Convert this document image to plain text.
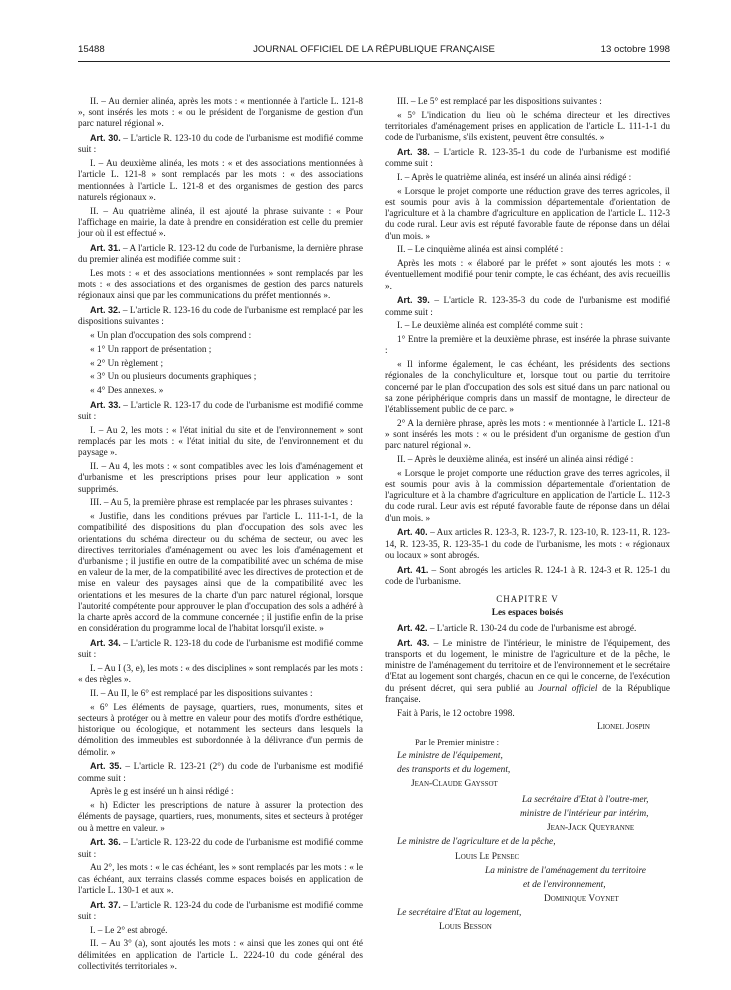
15488	JOURNAL OFFICIEL DE LA RÉPUBLIQUE FRANÇAISE	13 octobre 1998

II. – Au dernier alinéa, après les mots : « mentionnée à l'article L. 121-8 », sont insérés les mots : « ou le président de l'organisme de gestion d'un parc naturel régional ».

Art. 30. – L'article R. 123-10 du code de l'urbanisme est modifié comme suit :

I. – Au deuxième alinéa, les mots : « et des associations mentionnées à l'article L. 121-8 » sont remplacés par les mots : « des associations mentionnées à l'article L. 121-8 et des organismes de gestion des parcs naturels régionaux ».

II. – Au quatrième alinéa, il est ajouté la phrase suivante : « Pour l'affichage en mairie, la date à prendre en considération est celle du premier jour où il est effectué ».

Art. 31. – A l'article R. 123-12 du code de l'urbanisme, la dernière phrase du premier alinéa est modifiée comme suit :

Les mots : « et des associations mentionnées » sont remplacés par les mots : « des associations et des organismes de gestion des parcs naturels régionaux ainsi que par les communications du préfet mentionnés ».

Art. 32. – L'article R. 123-16 du code de l'urbanisme est remplacé par les dispositions suivantes :

« Un plan d'occupation des sols comprend :

« 1° Un rapport de présentation ;

« 2° Un règlement ;

« 3° Un ou plusieurs documents graphiques ;

« 4° Des annexes. »

Art. 33. – L'article R. 123-17 du code de l'urbanisme est modifié comme suit :

I. – Au 2, les mots : « l'état initial du site et de l'environnement » sont remplacés par les mots : « l'état initial du site, de l'environnement et du paysage ».

II. – Au 4, les mots : « sont compatibles avec les lois d'aménagement et d'urbanisme et les prescriptions prises pour leur application » sont supprimés.

III. – Au 5, la première phrase est remplacée par les phrases suivantes :

« Justifie, dans les conditions prévues par l'article L. 111-1-1, de la compatibilité des dispositions du plan d'occupation des sols avec les orientations du schéma directeur ou du schéma de secteur, ou avec les directives territoriales d'aménagement ou avec les lois d'aménagement et d'urbanisme ; il justifie en outre de la compatibilité avec un schéma de mise en valeur de la mer, de la compatibilité avec les directives de protection et de mise en valeur des paysages ainsi que de la compatibilité avec les orientations et les mesures de la charte d'un parc naturel régional, lorsque l'autorité compétente pour approuver le plan d'occupation des sols a adhéré à la charte après accord de la commune concernée ; il justifie enfin de la prise en considération du programme local de l'habitat lorsqu'il existe. »

Art. 34. – L'article R. 123-18 du code de l'urbanisme est modifié comme suit :

I. – Au I (3, e), les mots : « des disciplines » sont remplacés par les mots : « des règles ».

II. – Au II, le 6° est remplacé par les dispositions suivantes :

« 6° Les éléments de paysage, quartiers, rues, monuments, sites et secteurs à protéger ou à mettre en valeur pour des motifs d'ordre esthétique, historique ou écologique, et notamment les secteurs dans lesquels la démolition des immeubles est subordonnée à la délivrance d'un permis de démolir. »

Art. 35. – L'article R. 123-21 (2°) du code de l'urbanisme est modifié comme suit :

Après le g est inséré un h ainsi rédigé :

« h) Edicter les prescriptions de nature à assurer la protection des éléments de paysage, quartiers, rues, monuments, sites et secteurs à protéger ou à mettre en valeur. »

Art. 36. – L'article R. 123-22 du code de l'urbanisme est modifié comme suit :

Au 2°, les mots : « le cas échéant, les » sont remplacés par les mots : « le cas échéant, aux terrains classés comme espaces boisés en application de l'article L. 130-1 et aux ».

Art. 37. – L'article R. 123-24 du code de l'urbanisme est modifié comme suit :

I. – Le 2° est abrogé.

II. – Au 3° (a), sont ajoutés les mots : « ainsi que les zones qui ont été délimitées en application de l'article L. 2224-10 du code général des collectivités territoriales ».

III. – Le 5° est remplacé par les dispositions suivantes :

« 5° L'indication du lieu où le schéma directeur et les directives territoriales d'aménagement prises en application de l'article L. 111-1-1 du code de l'urbanisme, s'ils existent, peuvent être consultés. »

Art. 38. – L'article R. 123-35-1 du code de l'urbanisme est modifié comme suit :

I. – Après le quatrième alinéa, est inséré un alinéa ainsi rédigé :

« Lorsque le projet comporte une réduction grave des terres agricoles, il est soumis pour avis à la commission départementale d'orientation de l'agriculture et à la chambre d'agriculture en application de l'article L. 112-3 du code rural. Leur avis est réputé favorable faute de réponse dans un délai d'un mois. »

II. – Le cinquième alinéa est ainsi complété :

Après les mots : « élaboré par le préfet » sont ajoutés les mots : « éventuellement modifié pour tenir compte, le cas échéant, des avis recueillis ».

Art. 39. – L'article R. 123-35-3 du code de l'urbanisme est modifié comme suit :

I. – Le deuxième alinéa est complété comme suit :

1° Entre la première et la deuxième phrase, est insérée la phrase suivante :

« Il informe également, le cas échéant, les présidents des sections régionales de la conchyliculture et, lorsque tout ou partie du territoire concerné par le plan d'occupation des sols est situé dans un parc national ou sa zone périphérique compris dans un massif de montagne, le directeur de l'établissement public de ce parc. »

2° A la dernière phrase, après les mots : « mentionnée à l'article L. 121-8 » sont insérés les mots : « ou le président d'un organisme de gestion d'un parc naturel régional ».

II. – Après le deuxième alinéa, est inséré un alinéa ainsi rédigé :

« Lorsque le projet comporte une réduction grave des terres agricoles, il est soumis pour avis à la commission départementale d'orientation de l'agriculture et à la chambre d'agriculture en application de l'article L. 112-3 du code rural. Leur avis est réputé favorable faute de réponse dans un délai d'un mois. »

Art. 40. – Aux articles R. 123-3, R. 123-7, R. 123-10, R. 123-11, R. 123-14, R. 123-35, R. 123-35-1 du code de l'urbanisme, les mots : « régionaux ou locaux » sont abrogés.

Art. 41. – Sont abrogés les articles R. 124-1 à R. 124-3 et R. 125-1 du code de l'urbanisme.

CHAPITRE V

Les espaces boisés

Art. 42. – L'article R. 130-24 du code de l'urbanisme est abrogé.

Art. 43. – Le ministre de l'intérieur, le ministre de l'équipement, des transports et du logement, le ministre de l'agriculture et de la pêche, le ministre de l'aménagement du territoire et de l'environnement et le secrétaire d'Etat au logement sont chargés, chacun en ce qui le concerne, de l'exécution du présent décret, qui sera publié au Journal officiel de la République française.

Fait à Paris, le 12 octobre 1998.

Lionel Jospin

Par le Premier ministre :

Le ministre de l'équipement,

des transports et du logement,

Jean-Claude Gayssot

La secrétaire d'Etat à l'outre-mer,

ministre de l'intérieur par intérim,

Jean-Jack Queyranne

Le ministre de l'agriculture et de la pêche,

Louis Le Pensec

La ministre de l'aménagement du territoire

et de l'environnement,

Dominique Voynet

Le secrétaire d'Etat au logement,

Louis Besson
